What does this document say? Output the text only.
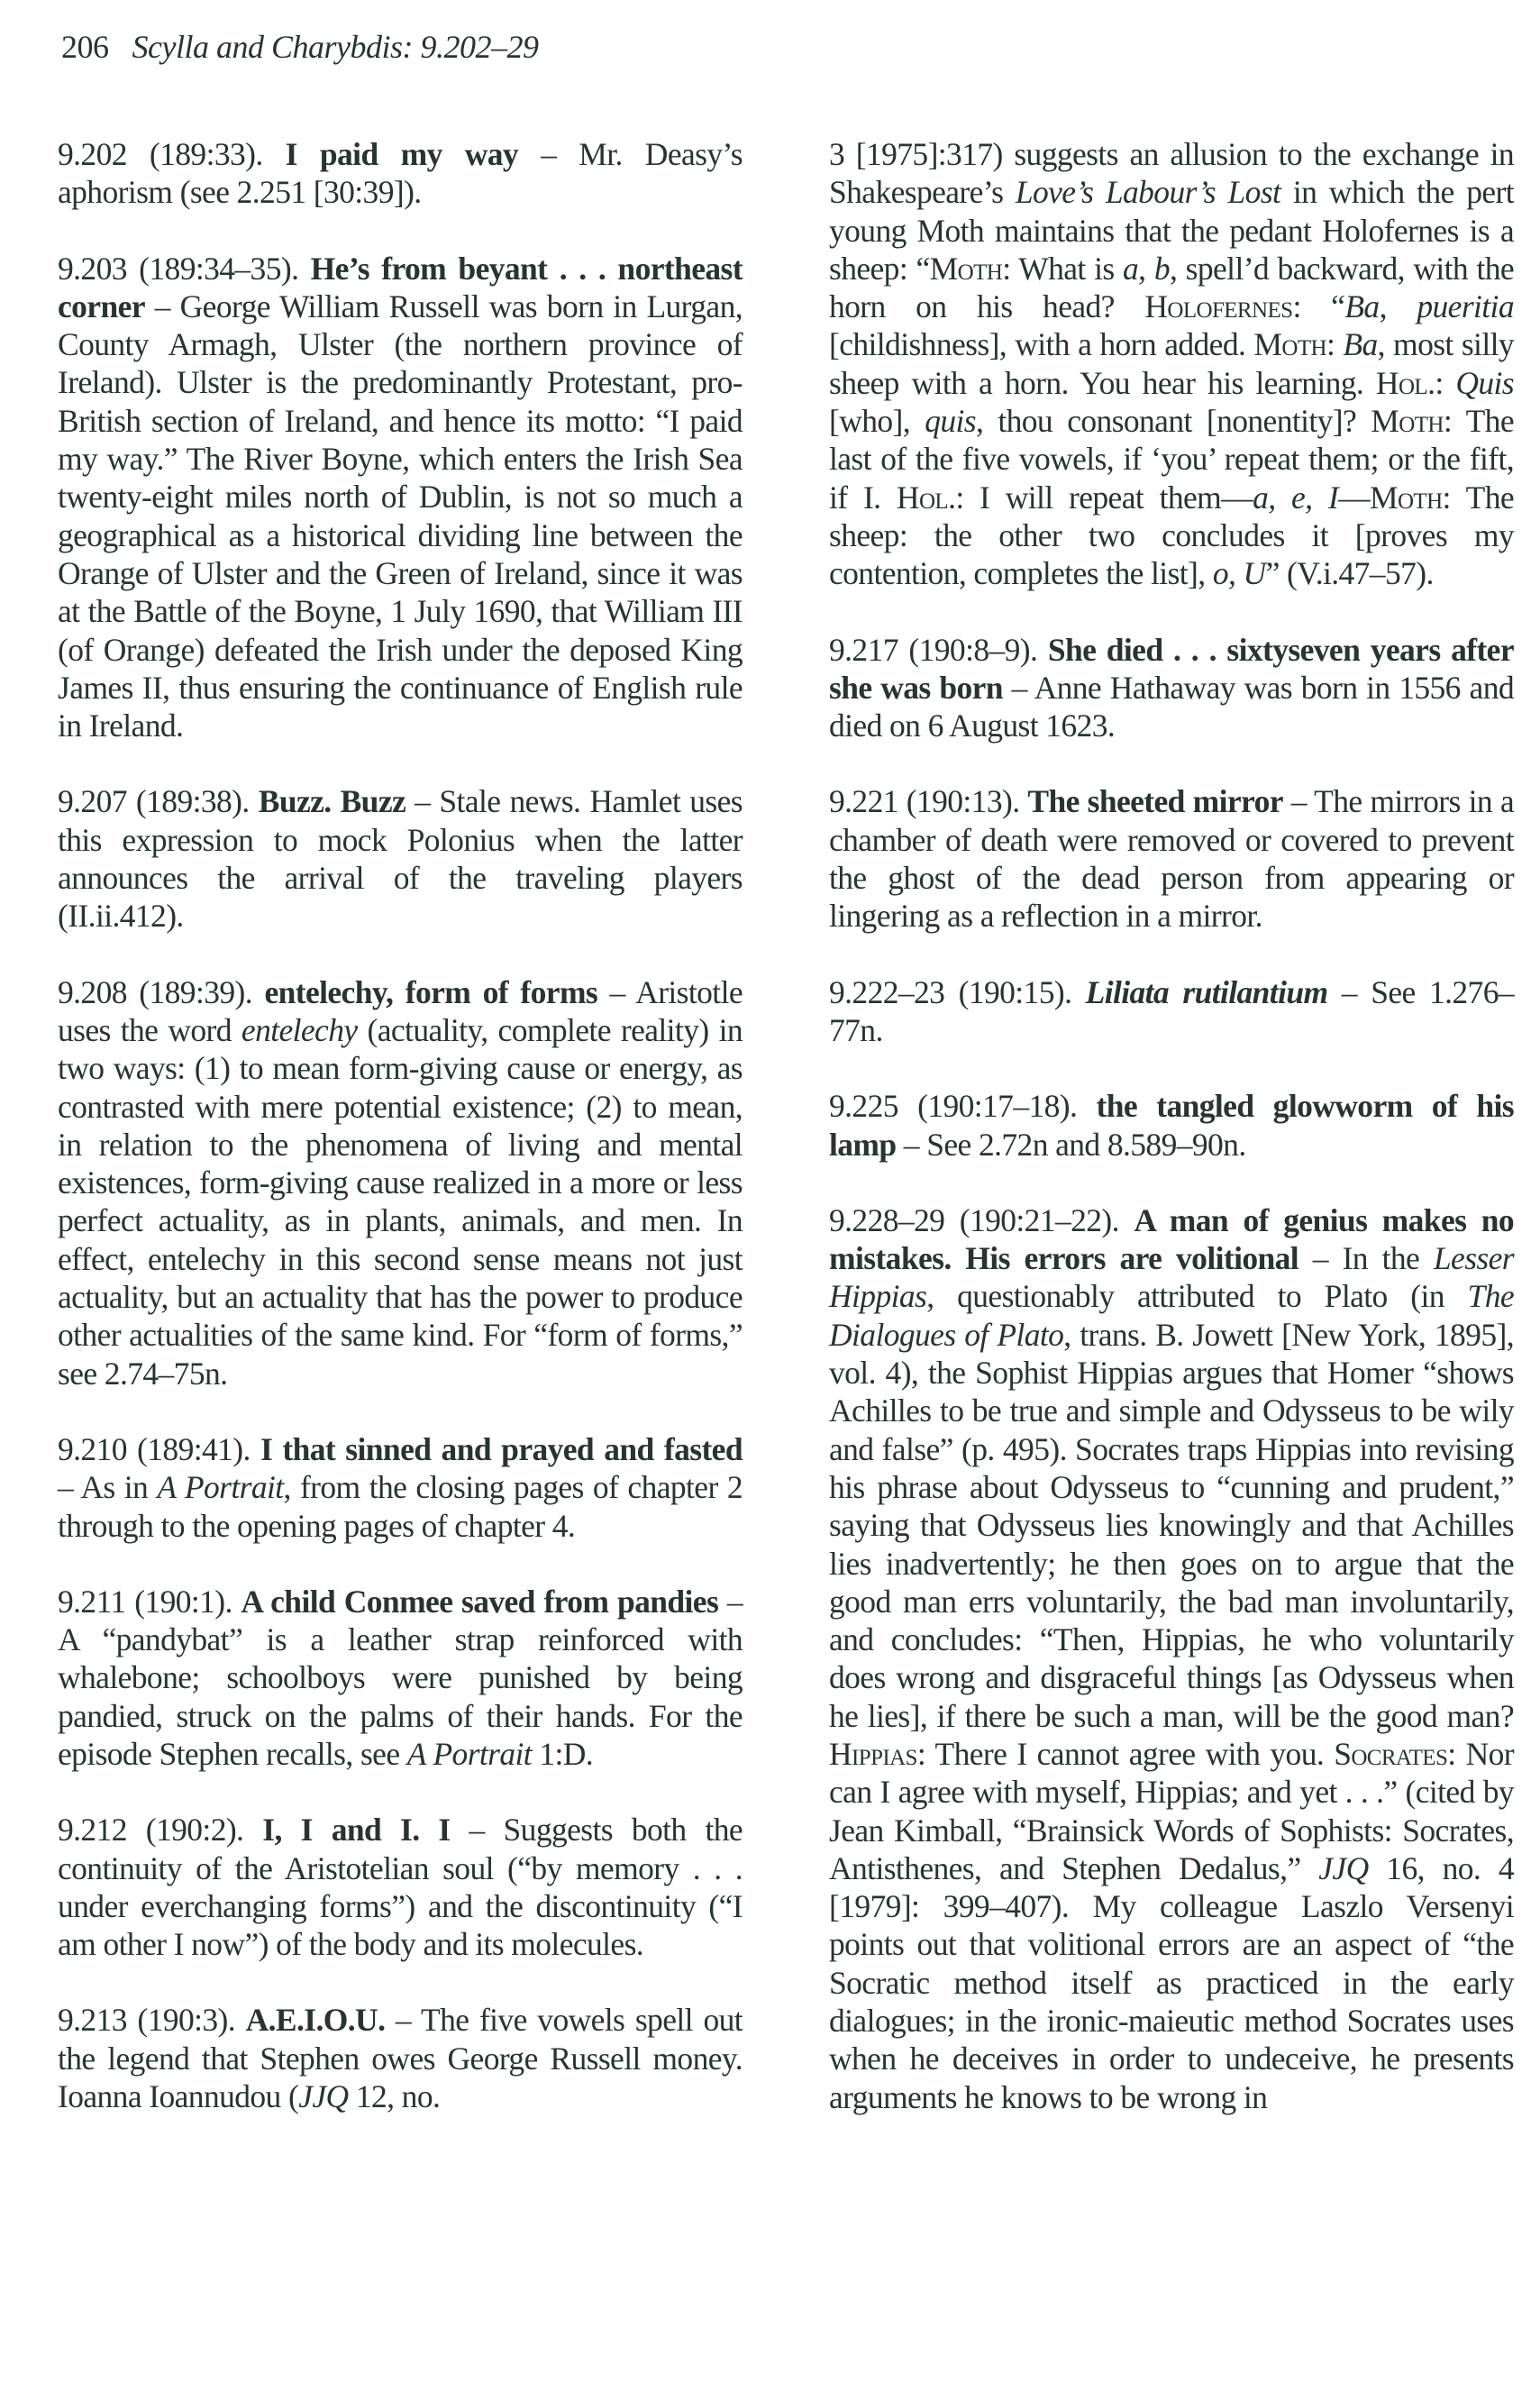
206 Scylla and Charybdis: 9.202–29

9.202 (189:33). I paid my way – Mr. Deasy’s aphorism (see 2.251 [30:39]).

9.203 (189:34–35). He’s from beyant . . . northeast corner – George William Russell was born in Lurgan, County Armagh, Ulster (the northern province of Ireland). Ulster is the predominantly Protestant, pro-British section of Ireland, and hence its motto: “I paid my way.” The River Boyne, which enters the Irish Sea twenty-eight miles north of Dublin, is not so much a geographical as a historical dividing line between the Orange of Ulster and the Green of Ireland, since it was at the Battle of the Boyne, 1 July 1690, that William III (of Orange) defeated the Irish under the deposed King James II, thus ensuring the continuance of English rule in Ireland.

9.207 (189:38). Buzz. Buzz – Stale news. Hamlet uses this expression to mock Polonius when the latter announces the arrival of the traveling players (II.ii.412).

9.208 (189:39). entelechy, form of forms – Aristotle uses the word entelechy (actuality, complete reality) in two ways: (1) to mean form-giving cause or energy, as contrasted with mere potential existence; (2) to mean, in relation to the phenomena of living and mental existences, form-giving cause realized in a more or less perfect actuality, as in plants, animals, and men. In effect, entelechy in this second sense means not just actuality, but an actuality that has the power to produce other actualities of the same kind. For “form of forms,” see 2.74–75n.

9.210 (189:41). I that sinned and prayed and fasted – As in A Portrait, from the closing pages of chapter 2 through to the opening pages of chapter 4.

9.211 (190:1). A child Conmee saved from pandies – A “pandybat” is a leather strap reinforced with whalebone; schoolboys were punished by being pandied, struck on the palms of their hands. For the episode Stephen recalls, see A Portrait 1:D.

9.212 (190:2). I, I and I. I – Suggests both the continuity of the Aristotelian soul (“by memory . . . under everchanging forms”) and the discontinuity (“I am other I now”) of the body and its molecules.

9.213 (190:3). A.E.I.O.U. – The five vowels spell out the legend that Stephen owes George Russell money. Ioanna Ioannudou (JJQ 12, no.

3 [1975]:317) suggests an allusion to the exchange in Shakespeare’s Love’s Labour’s Lost in which the pert young Moth maintains that the pedant Holofernes is a sheep: “Moth: What is a, b, spell’d backward, with the horn on his head? Holofernes: “Ba, pueritia [childishness], with a horn added. Moth: Ba, most silly sheep with a horn. You hear his learning. Hol.: Quis [who], quis, thou consonant [nonentity]? Moth: The last of the five vowels, if ‘you’ repeat them; or the fift, if I. Hol.: I will repeat them—a, e, I—Moth: The sheep: the other two concludes it [proves my contention, completes the list], o, U” (V.i.47–57).

9.217 (190:8–9). She died . . . sixtyseven years after she was born – Anne Hathaway was born in 1556 and died on 6 August 1623.

9.221 (190:13). The sheeted mirror – The mirrors in a chamber of death were removed or covered to prevent the ghost of the dead person from appearing or lingering as a reflection in a mirror.

9.222–23 (190:15). Liliata rutilantium – See 1.276–77n.

9.225 (190:17–18). the tangled glowworm of his lamp – See 2.72n and 8.589–90n.

9.228–29 (190:21–22). A man of genius makes no mistakes. His errors are volitional – In the Lesser Hippias, questionably attributed to Plato (in The Dialogues of Plato, trans. B. Jowett [New York, 1895], vol. 4), the Sophist Hippias argues that Homer “shows Achilles to be true and simple and Odysseus to be wily and false” (p. 495). Socrates traps Hippias into revising his phrase about Odysseus to “cunning and prudent,” saying that Odysseus lies knowingly and that Achilles lies inadvertently; he then goes on to argue that the good man errs voluntarily, the bad man involuntarily, and concludes: “Then, Hippias, he who voluntarily does wrong and disgraceful things [as Odysseus when he lies], if there be such a man, will be the good man? Hippias: There I cannot agree with you. Socrates: Nor can I agree with myself, Hippias; and yet . . .” (cited by Jean Kimball, “Brainsick Words of Sophists: Socrates, Antisthenes, and Stephen Dedalus,” JJQ 16, no. 4 [1979]: 399–407). My colleague Laszlo Versenyi points out that volitional errors are an aspect of “the Socratic method itself as practiced in the early dialogues; in the ironic-maieutic method Socrates uses when he deceives in order to undeceive, he presents arguments he knows to be wrong in
